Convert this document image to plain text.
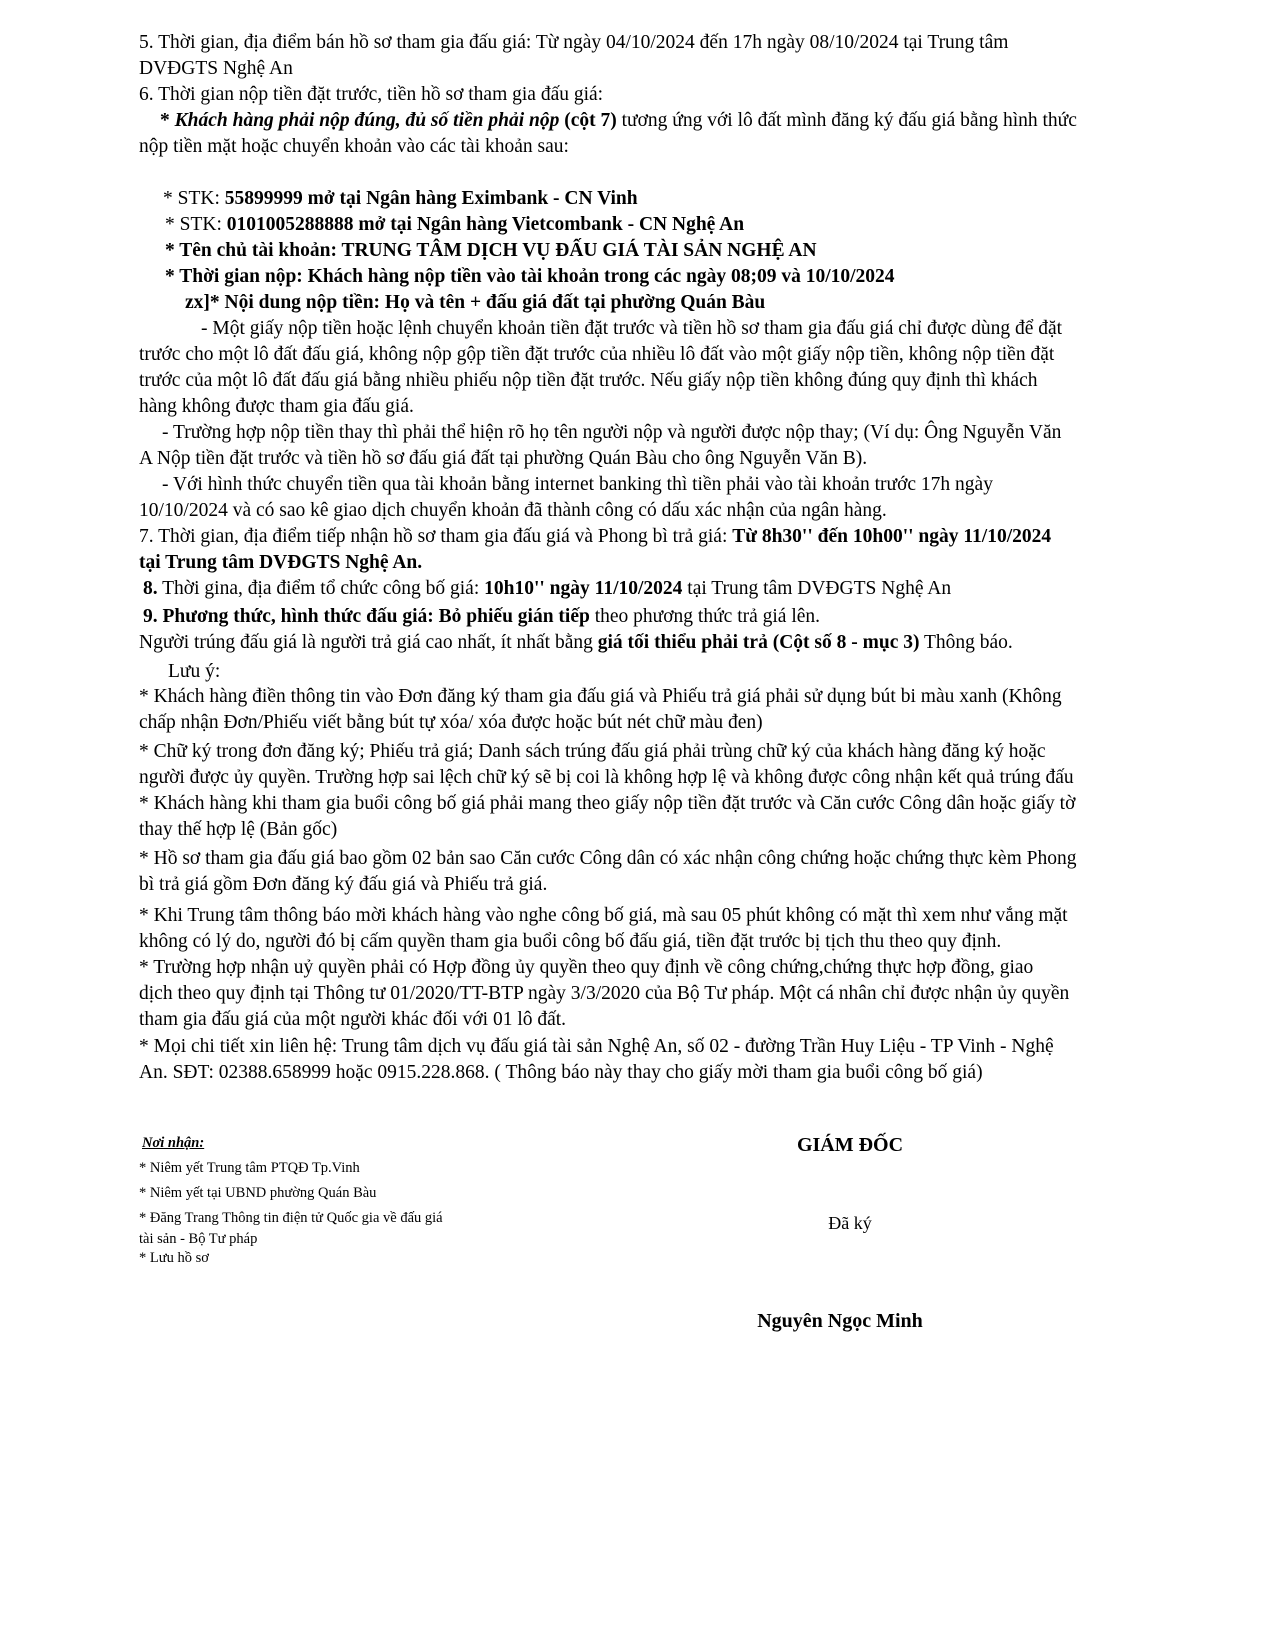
5. Thời gian, địa điểm bán hồ sơ tham gia đấu giá: Từ ngày 04/10/2024 đến 17h ngày 08/10/2024 tại Trung tâm
DVĐGTS Nghệ An
6. Thời gian nộp tiền đặt trước, tiền hồ sơ tham gia đấu giá:
* Khách hàng phải nộp đúng, đủ số tiền phải nộp (cột 7) tương ứng với lô đất mình đăng ký đấu giá bằng hình thức
nộp tiền mặt hoặc chuyển khoản vào các tài khoản sau:
* STK: 55899999 mở tại Ngân hàng Eximbank - CN Vinh
* STK: 0101005288888 mở tại Ngân hàng Vietcombank - CN Nghệ An
* Tên chủ tài khoản: TRUNG TÂM DỊCH VỤ ĐẤU GIÁ TÀI SẢN NGHỆ AN
* Thời gian nộp: Khách hàng nộp tiền vào tài khoản trong các ngày 08;09 và 10/10/2024
zx]* Nội dung nộp tiền: Họ và tên + đấu giá đất tại phường Quán Bàu
- Một giấy nộp tiền hoặc lệnh chuyển khoản tiền đặt trước và tiền hồ sơ tham gia đấu giá chỉ được dùng để đặt
trước cho một lô đất đấu giá, không nộp gộp tiền đặt trước của nhiều lô đất vào một giấy nộp tiền, không nộp tiền đặt
trước của một lô đất đấu giá bằng nhiều phiếu nộp tiền đặt trước. Nếu giấy nộp tiền không đúng quy định thì khách
hàng không được tham gia đấu giá.
- Trường hợp nộp tiền thay thì phải thể hiện rõ họ tên người nộp và người được nộp thay; (Ví dụ: Ông Nguyễn Văn
A Nộp tiền đặt trước và tiền hồ sơ đấu giá đất tại phường Quán Bàu cho ông Nguyễn Văn B).
- Với hình thức chuyển tiền qua tài khoản bằng internet banking thì tiền phải vào tài khoản trước 17h ngày
10/10/2024 và có sao kê giao dịch chuyển khoản đã thành công có dấu xác nhận của ngân hàng.
7. Thời gian, địa điểm tiếp nhận hồ sơ tham gia đấu giá và Phong bì trả giá: Từ 8h30'' đến 10h00'' ngày 11/10/2024
tại Trung tâm DVĐGTS Nghệ An.
8. Thời gina, địa điểm tổ chức công bố giá: 10h10'' ngày 11/10/2024 tại Trung tâm DVĐGTS Nghệ An
9. Phương thức, hình thức đấu giá: Bỏ phiếu gián tiếp theo phương thức trả giá lên.
Người trúng đấu giá là người trả giá cao nhất, ít nhất bằng giá tối thiểu phải trả (Cột số 8 - mục 3) Thông báo.
Lưu ý:
* Khách hàng điền thông tin vào Đơn đăng ký tham gia đấu giá và Phiếu trả giá phải sử dụng bút bi màu xanh (Không
chấp nhận Đơn/Phiếu viết bằng bút tự xóa/ xóa được hoặc bút nét chữ màu đen)
* Chữ ký trong đơn đăng ký; Phiếu trả giá; Danh sách trúng đấu giá phải trùng chữ ký của khách hàng đăng ký hoặc
người được ủy quyền. Trường hợp sai lệch chữ ký sẽ bị coi là không hợp lệ và không được công nhận kết quả trúng đấu
* Khách hàng khi tham gia buổi công bố giá phải mang theo giấy nộp tiền đặt trước và Căn cước Công dân hoặc giấy tờ
thay thế hợp lệ (Bản gốc)
* Hồ sơ tham gia đấu giá bao gồm 02 bản sao Căn cước Công dân có xác nhận công chứng hoặc chứng thực kèm Phong
bì trả giá gồm Đơn đăng ký đấu giá và Phiếu trả giá.
* Khi Trung tâm thông báo mời khách hàng vào nghe công bố giá, mà sau 05 phút không có mặt thì xem như vắng mặt
không có lý do, người đó bị cấm quyền tham gia buổi công bố đấu giá, tiền đặt trước bị tịch thu theo quy định.
* Trường hợp nhận uỷ quyền phải có Hợp đồng ủy quyền theo quy định về công chứng,chứng thực hợp đồng, giao
dịch theo quy định tại Thông tư 01/2020/TT-BTP ngày 3/3/2020 của Bộ Tư pháp. Một cá nhân chỉ được nhận ủy quyền
tham gia đấu giá của một người khác đối với 01 lô đất.
* Mọi chi tiết xin liên hệ: Trung tâm dịch vụ đấu giá tài sản Nghệ An, số 02 - đường Trần Huy Liệu - TP Vinh - Nghệ
An. SĐT: 02388.658999 hoặc 0915.228.868. ( Thông báo này thay cho giấy mời tham gia buổi công bố giá)
Nơi nhận:
* Niêm yết Trung tâm PTQĐ Tp.Vinh
* Niêm yết tại UBND phường Quán Bàu
* Đăng Trang Thông tin điện tử Quốc gia về đấu giá
tài sản - Bộ Tư pháp
* Lưu hồ sơ
GIÁM ĐỐC
Đã ký
Nguyên Ngọc Minh
